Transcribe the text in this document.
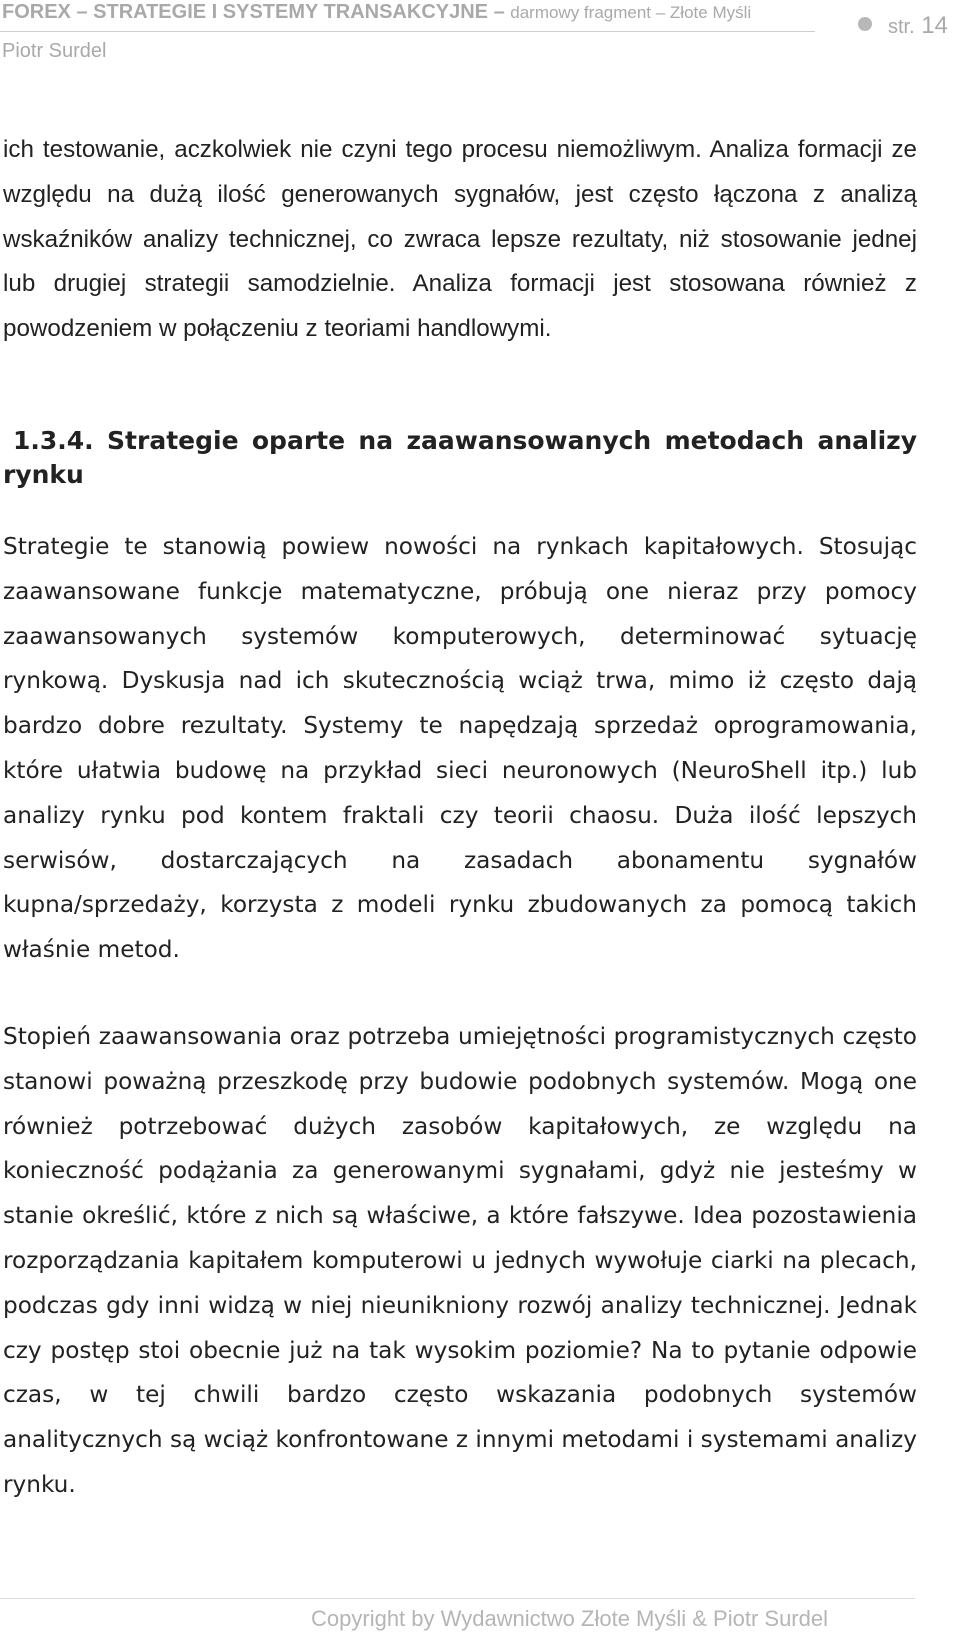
FOREX – STRATEGIE I SYSTEMY TRANSAKCYJNE – darmowy fragment – Złote Myśli
Piotr Surdel
str. 14

ich testowanie, aczkolwiek nie czyni tego procesu niemożliwym. Analiza formacji ze względu na dużą ilość generowanych sygnałów, jest często łączona z analizą wskaźników analizy technicznej, co zwraca lepsze rezultaty, niż stosowanie jednej lub drugiej strategii samodzielnie. Analiza formacji jest stosowana również z powodzeniem w połączeniu z teoriami handlowymi.

1.3.4. Strategie oparte na zaawansowanych metodach analizy rynku

Strategie te stanowią powiew nowości na rynkach kapitałowych. Stosując zaawansowane funkcje matematyczne, próbują one nieraz przy pomocy zaawansowanych systemów komputerowych, determinować sytuację rynkową. Dyskusja nad ich skutecznością wciąż trwa, mimo iż często dają bardzo dobre rezultaty. Systemy te napędzają sprzedaż oprogramowania, które ułatwia budowę na przykład sieci neuronowych (NeuroShell itp.) lub analizy rynku pod kontem fraktali czy teorii chaosu. Duża ilość lepszych serwisów, dostarczających na zasadach abonamentu sygnałów kupna/sprzedaży, korzysta z modeli rynku zbudowanych za pomocą takich właśnie metod.

Stopień zaawansowania oraz potrzeba umiejętności programistycznych często stanowi poważną przeszkodę przy budowie podobnych systemów. Mogą one również potrzebować dużych zasobów kapitałowych, ze względu na konieczność podążania za generowanymi sygnałami, gdyż nie jesteśmy w stanie określić, które z nich są właściwe, a które fałszywe. Idea pozostawienia rozporządzania kapitałem komputerowi u jednych wywołuje ciarki na plecach, podczas gdy inni widzą w niej nieunikniony rozwój analizy technicznej. Jednak czy postęp stoi obecnie już na tak wysokim poziomie? Na to pytanie odpowie czas, w tej chwili bardzo często wskazania podobnych systemów analitycznych są wciąż konfrontowane z innymi metodami i systemami analizy rynku.

Copyright by Wydawnictwo Złote Myśli & Piotr Surdel
